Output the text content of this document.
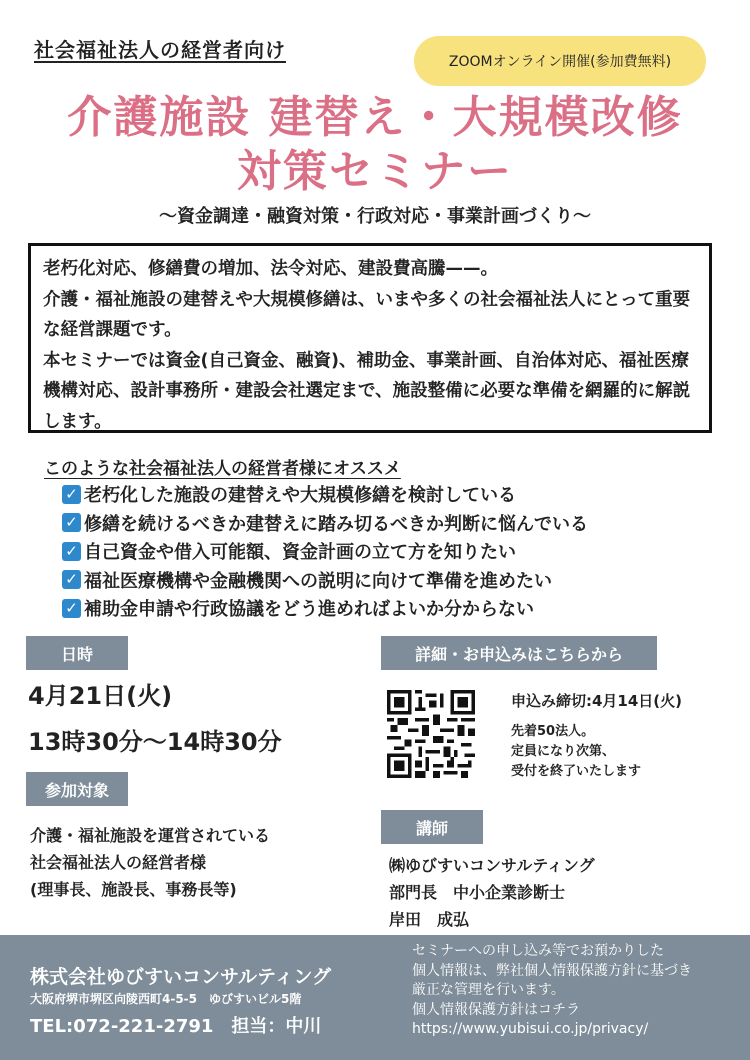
社会福祉法人の経営者向け	ZOOMオンライン開催(参加費無料)
介護施設 建替え・大規模改修
対策セミナー
〜資金調達・融資対策・行政対応・事業計画づくり〜

老朽化対応、修繕費の増加、法令対応、建設費高騰——。

介護・福祉施設の建替えや大規模修繕は、いまや多くの社会福祉法人にとって重要な経営課題です。

本セミナーでは資金(自己資金、融資)、補助金、事業計画、自治体対応、福祉医療機構対応、設計事務所・建設会社選定まで、施設整備に必要な準備を網羅的に解説します。

このような社会福祉法人の経営者様にオススメ
✓ 老朽化した施設の建替えや大規模修繕を検討している
✓ 修繕を続けるべきか建替えに踏み切るべきか判断に悩んでいる
✓ 自己資金や借入可能額、資金計画の立て方を知りたい
✓ 福祉医療機構や金融機関への説明に向けて準備を進めたい
✓ 補助金申請や行政協議をどう進めればよいか分からない
日時
4月21日(火)
13時30分〜14時30分
参加対象
介護・福祉施設を運営されている
社会福祉法人の経営者様
(理事長、施設長、事務長等)
詳細・お申込みはこちらから
申込み締切:4月14日(火)
先着50法人。
定員になり次第、
受付を終了いたします
講師
㈱ゆびすいコンサルティング
部門長　中小企業診断士
岸田　成弘
株式会社ゆびすいコンサルティング
大阪府堺市堺区向陵西町4-5-5　ゆびすいビル5階
TEL:072-221-2791　担当：中川
セミナーへの申し込み等でお預かりした
個人情報は、弊社個人情報保護方針に基づき
厳正な管理を行います。
個人情報保護方針はコチラ
https://www.yubisui.co.jp/privacy/
